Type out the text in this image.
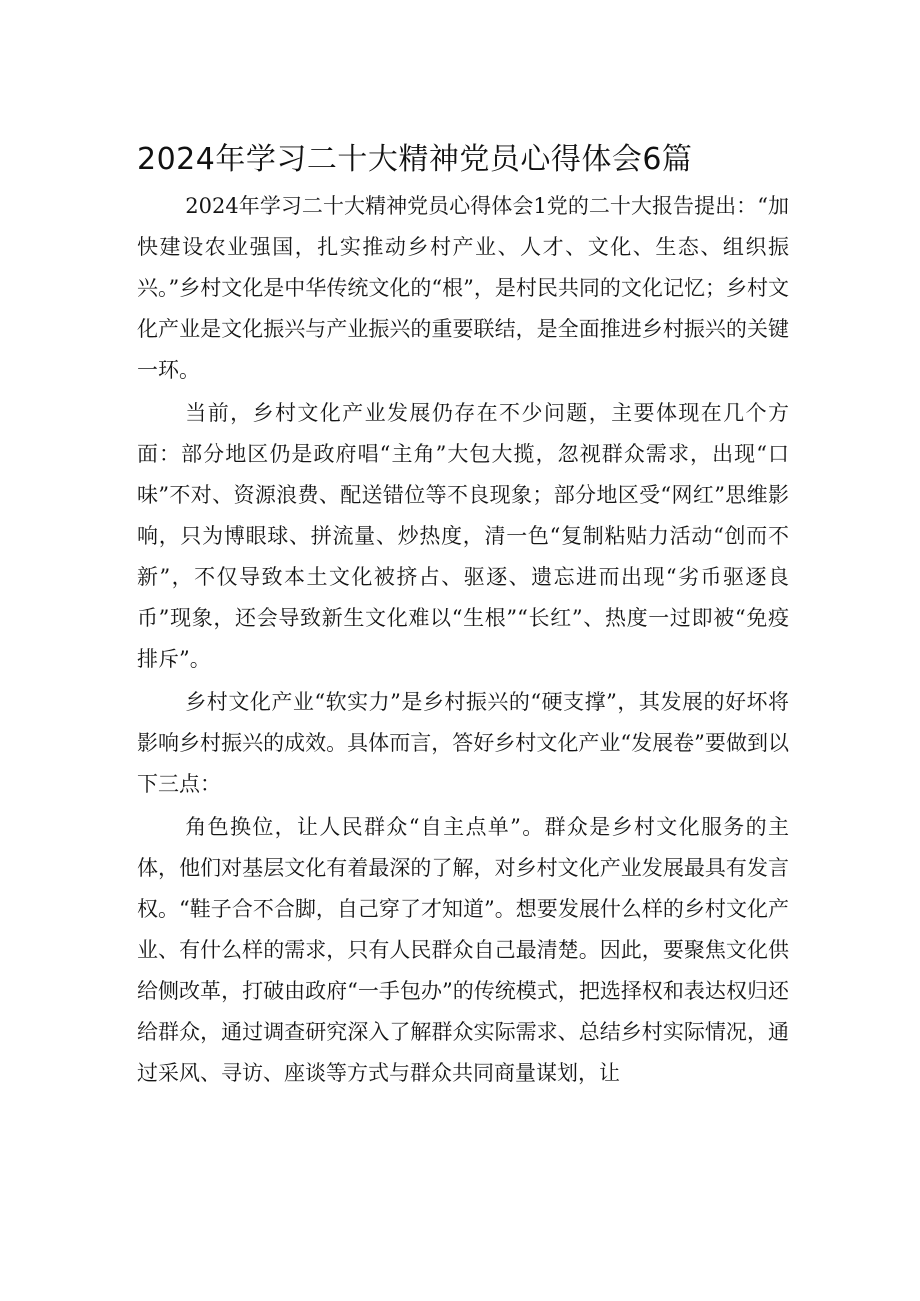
2024年学习二十大精神党员心得体会6篇

2024年学习二十大精神党员心得体会1党的二十大报告提出：“加快建设农业强国，扎实推动乡村产业、人才、文化、生态、组织振兴。”乡村文化是中华传统文化的“根”，是村民共同的文化记忆；乡村文化产业是文化振兴与产业振兴的重要联结，是全面推进乡村振兴的关键一环。

当前，乡村文化产业发展仍存在不少问题，主要体现在几个方面：部分地区仍是政府唱“主角”大包大揽，忽视群众需求，出现“口味”不对、资源浪费、配送错位等不良现象；部分地区受“网红”思维影响，只为博眼球、拼流量、炒热度，清一色“复制粘贴力活动“创而不新”，不仅导致本土文化被挤占、驱逐、遗忘进而出现“劣币驱逐良币”现象，还会导致新生文化难以“生根”“长红”、热度一过即被“免疫排斥”。

乡村文化产业“软实力”是乡村振兴的“硬支撑”，其发展的好坏将影响乡村振兴的成效。具体而言，答好乡村文化产业“发展卷”要做到以下三点：

角色换位，让人民群众“自主点单”。群众是乡村文化服务的主体，他们对基层文化有着最深的了解，对乡村文化产业发展最具有发言权。“鞋子合不合脚，自己穿了才知道”。想要发展什么样的乡村文化产业、有什么样的需求，只有人民群众自己最清楚。因此，要聚焦文化供给侧改革，打破由政府“一手包办”的传统模式，把选择权和表达权归还给群众，通过调查研究深入了解群众实际需求、总结乡村实际情况，通过采风、寻访、座谈等方式与群众共同商量谋划，让
